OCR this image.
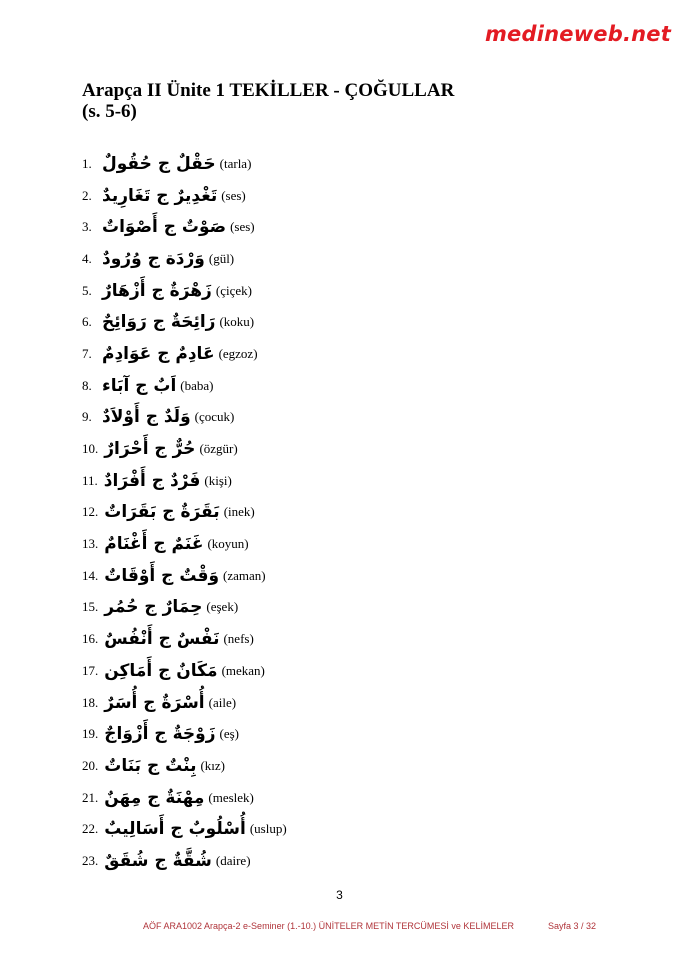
medineweb.net
Arapça II Ünite 1 TEKİLLER - ÇOĞULLAR
(s. 5-6)
1. حَقْلٌ ج حُقُولٌ (tarla)
2. تَغْدِيرٌ ج تَغَارِيدٌ (ses)
3. صَوْتٌ ج أَصْوَاتٌ (ses)
4. وَرْدَة ج وُرُودٌ (gül)
5. زَهْرَةٌ ج أَزْهَارٌ (çiçek)
6. رَائِحَةٌ ج رَوَائِحٌ (koku)
7. عَادِمٌ ج عَوَادِمٌ (egzoz)
8. اَبٌ ج آبَاء (baba)
9. وَلَدٌ ج أَوْلاَدٌ (çocuk)
10. حُرٌّ ج أَحْرَارٌ (özgür)
11. فَرْدٌ ج أَفْرَادٌ (kişi)
12. بَقَرَةٌ ج بَقَرَاتٌ (inek)
13. غَنَمٌ ج أَغْنَامٌ (koyun)
14. وَقْتٌ ج أَوْقَاتٌ (zaman)
15. حِمَارٌ ج حُمُر (eşek)
16. نَفْسٌ ج أَنْفُسٌ (nefs)
17. مَكَانٌ ج أَمَاكِن (mekan)
18. أُسْرَةٌ ج أُسَرٌ (aile)
19. زَوْجَةٌ ج أَزْوَاجٌ (eş)
20. بِنْتٌ ج بَنَاتٌ (kız)
21. مِهْنَةٌ ج مِهَنٌ (meslek)
22. أُسْلُوبٌ ج أَسَالِيبٌ (uslup)
23. شُقَّةٌ ج شُقَقٌ (daire)
3
AÖF ARA1002 Arapça-2 e-Seminer (1.-10.) ÜNİTELER METİN TERCÜMESİ ve KELİMELER	Sayfa 3 / 32
